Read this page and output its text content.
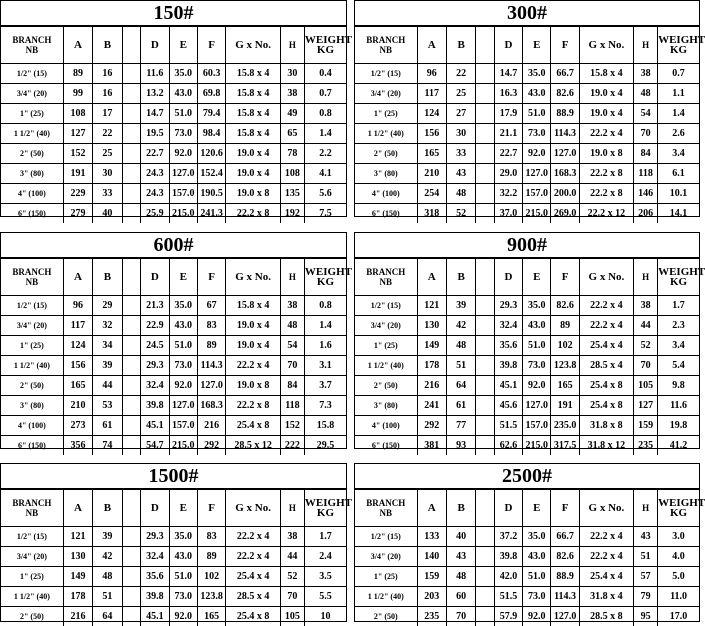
150#
BRANCH
NB	A	B		D	E	F	G x No.	H	WEIGHT
KG
1/2" (15)	89	16		11.6	35.0	60.3	15.8 x 4	30	0.4
3/4" (20)	99	16		13.2	43.0	69.8	15.8 x 4	38	0.7
1" (25)	108	17		14.7	51.0	79.4	15.8 x 4	49	0.8
1 1/2" (40)	127	22		19.5	73.0	98.4	15.8 x 4	65	1.4
2" (50)	152	25		22.7	92.0	120.6	19.0 x 4	78	2.2
3" (80)	191	30		24.3	127.0	152.4	19.0 x 4	108	4.1
4" (100)	229	33		24.3	157.0	190.5	19.0 x 8	135	5.6
6" (150)	279	40		25.9	215.0	241.3	22.2 x 8	192	7.5
300#
BRANCH
NB	A	B		D	E	F	G x No.	H	WEIGHT
KG
1/2" (15)	96	22		14.7	35.0	66.7	15.8 x 4	38	0.7
3/4" (20)	117	25		16.3	43.0	82.6	19.0 x 4	48	1.1
1" (25)	124	27		17.9	51.0	88.9	19.0 x 4	54	1.4
1 1/2" (40)	156	30		21.1	73.0	114.3	22.2 x 4	70	2.6
2" (50)	165	33		22.7	92.0	127.0	19.0 x 8	84	3.4
3" (80)	210	43		29.0	127.0	168.3	22.2 x 8	118	6.1
4" (100)	254	48		32.2	157.0	200.0	22.2 x 8	146	10.1
6" (150)	318	52		37.0	215.0	269.0	22.2 x 12	206	14.1
600#
BRANCH
NB	A	B		D	E	F	G x No.	H	WEIGHT
KG
1/2" (15)	96	29		21.3	35.0	67	15.8 x 4	38	0.8
3/4" (20)	117	32		22.9	43.0	83	19.0 x 4	48	1.4
1" (25)	124	34		24.5	51.0	89	19.0 x 4	54	1.6
1 1/2" (40)	156	39		29.3	73.0	114.3	22.2 x 4	70	3.1
2" (50)	165	44		32.4	92.0	127.0	19.0 x 8	84	3.7
3" (80)	210	53		39.8	127.0	168.3	22.2 x 8	118	7.3
4" (100)	273	61		45.1	157.0	216	25.4 x 8	152	15.8
6" (150)	356	74		54.7	215.0	292	28.5 x 12	222	29.5
900#
BRANCH
NB	A	B		D	E	F	G x No.	H	WEIGHT
KG
1/2" (15)	121	39		29.3	35.0	82.6	22.2 x 4	38	1.7
3/4" (20)	130	42		32.4	43.0	89	22.2 x 4	44	2.3
1" (25)	149	48		35.6	51.0	102	25.4 x 4	52	3.4
1 1/2" (40)	178	51		39.8	73.0	123.8	28.5 x 4	70	5.4
2" (50)	216	64		45.1	92.0	165	25.4 x 8	105	9.8
3" (80)	241	61		45.6	127.0	191	25.4 x 8	127	11.6
4" (100)	292	77		51.5	157.0	235.0	31.8 x 8	159	19.8
6" (150)	381	93		62.6	215.0	317.5	31.8 x 12	235	41.2
1500#
BRANCH
NB	A	B		D	E	F	G x No.	H	WEIGHT
KG
1/2" (15)	121	39		29.3	35.0	83	22.2 x 4	38	1.7
3/4" (20)	130	42		32.4	43.0	89	22.2 x 4	44	2.4
1" (25)	149	48		35.6	51.0	102	25.4 x 4	52	3.5
1 1/2" (40)	178	51		39.8	73.0	123.8	28.5 x 4	70	5.5
2" (50)	216	64		45.1	92.0	165	25.4 x 8	105	10
2500#
BRANCH
NB	A	B		D	E	F	G x No.	H	WEIGHT
KG
1/2" (15)	133	40		37.2	35.0	66.7	22.2 x 4	43	3.0
3/4" (20)	140	43		39.8	43.0	82.6	22.2 x 4	51	4.0
1" (25)	159	48		42.0	51.0	88.9	25.4 x 4	57	5.0
1 1/2" (40)	203	60		51.5	73.0	114.3	31.8 x 4	79	11.0
2" (50)	235	70		57.9	92.0	127.0	28.5 x 8	95	17.0
